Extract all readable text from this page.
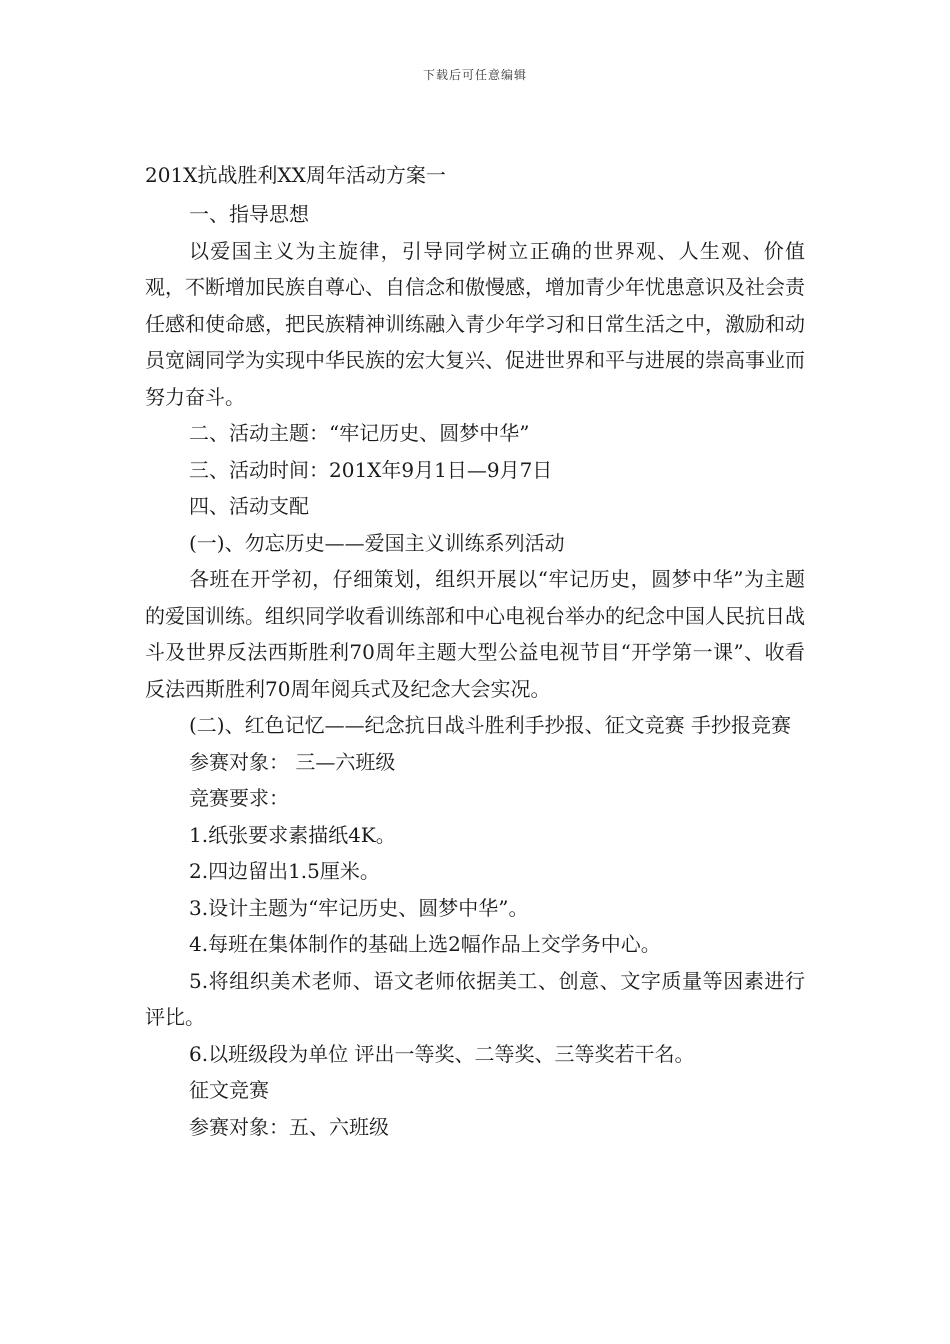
下载后可任意编辑
201X抗战胜利XX周年活动方案一

一、指导思想

以爱国主义为主旋律，引导同学树立正确的世界观、人生观、价值观，不断增加民族自尊心、自信念和傲慢感，增加青少年忧患意识及社会责任感和使命感，把民族精神训练融入青少年学习和日常生活之中，激励和动员宽阔同学为实现中华民族的宏大复兴、促进世界和平与进展的崇高事业而努力奋斗。

二、活动主题：“牢记历史、圆梦中华”

三、活动时间：201X年9月1日—9月7日

四、活动支配

(一)、勿忘历史——爱国主义训练系列活动

各班在开学初，仔细策划，组织开展以“牢记历史，圆梦中华”为主题的爱国训练。组织同学收看训练部和中心电视台举办的纪念中国人民抗日战斗及世界反法西斯胜利70周年主题大型公益电视节目“开学第一课”、收看反法西斯胜利70周年阅兵式及纪念大会实况。

(二)、红色记忆——纪念抗日战斗胜利手抄报、征文竞赛 手抄报竞赛

参赛对象： 三—六班级

竞赛要求：

1.纸张要求素描纸4K。

2.四边留出1.5厘米。

3.设计主题为“牢记历史、圆梦中华”。

4.每班在集体制作的基础上选2幅作品上交学务中心。

5.将组织美术老师、语文老师依据美工、创意、文字质量等因素进行评比。

6.以班级段为单位 评出一等奖、二等奖、三等奖若干名。

征文竞赛

参赛对象：五、六班级
